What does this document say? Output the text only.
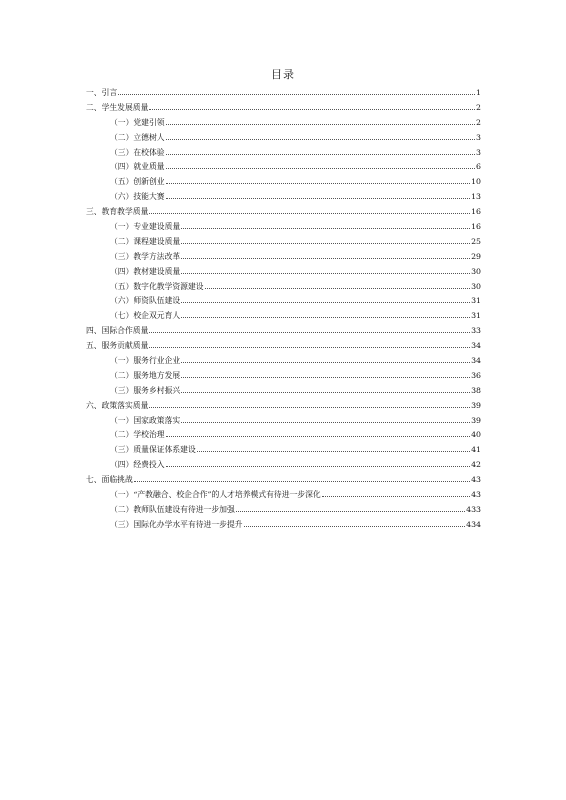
目录
一、引言	1
二、学生发展质量	2
（一）党建引领	2
（二）立德树人	3
（三）在校体验	3
（四）就业质量	6
（五）创新创业	10
（六）技能大赛	13
三、教育教学质量	16
（一）专业建设质量	16
（二）课程建设质量	25
（三）教学方法改革	29
（四）教材建设质量	30
（五）数字化教学资源建设	30
（六）师资队伍建设	31
（七）校企双元育人	31
四、国际合作质量	33
五、服务贡献质量	34
（一）服务行业企业	34
（二）服务地方发展	36
（三）服务乡村振兴	38
六、政策落实质量	39
（一）国家政策落实	39
（二）学校治理	40
（三）质量保证体系建设	41
（四）经费投入	42
七、面临挑战	43
（一）“产教融合、校企合作”的人才培养模式有待进一步深化	43
（二）教师队伍建设有待进一步加强	433
（三）国际化办学水平有待进一步提升	434
